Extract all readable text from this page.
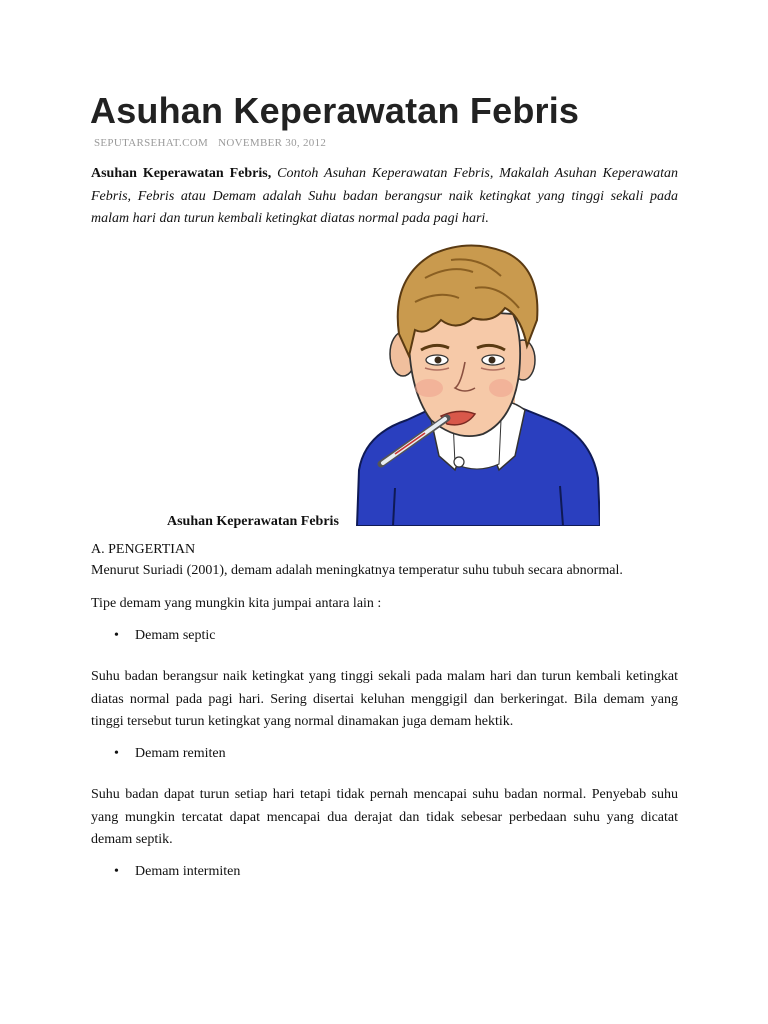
Asuhan Keperawatan Febris
SEPUTARSEHAT.COM NOVEMBER 30, 2012
Asuhan Keperawatan Febris, Contoh Asuhan Keperawatan Febris, Makalah Asuhan Keperawatan Febris, Febris atau Demam adalah Suhu badan berangsur naik ketingkat yang tinggi sekali pada malam hari dan turun kembali ketingkat diatas normal pada pagi hari.
Asuhan Keperawatan Febris
A. PENGERTIAN
Menurut Suriadi (2001), demam adalah meningkatnya temperatur suhu tubuh secara abnormal.
Tipe demam yang mungkin kita jumpai antara lain :
• Demam septic
Suhu badan berangsur naik ketingkat yang tinggi sekali pada malam hari dan turun kembali ketingkat diatas normal pada pagi hari. Sering disertai keluhan menggigil dan berkeringat. Bila demam yang tinggi tersebut turun ketingkat yang normal dinamakan juga demam hektik.
• Demam remiten
Suhu badan dapat turun setiap hari tetapi tidak pernah mencapai suhu badan normal. Penyebab suhu yang mungkin tercatat dapat mencapai dua derajat dan tidak sebesar perbedaan suhu yang dicatat demam septik.
• Demam intermiten
